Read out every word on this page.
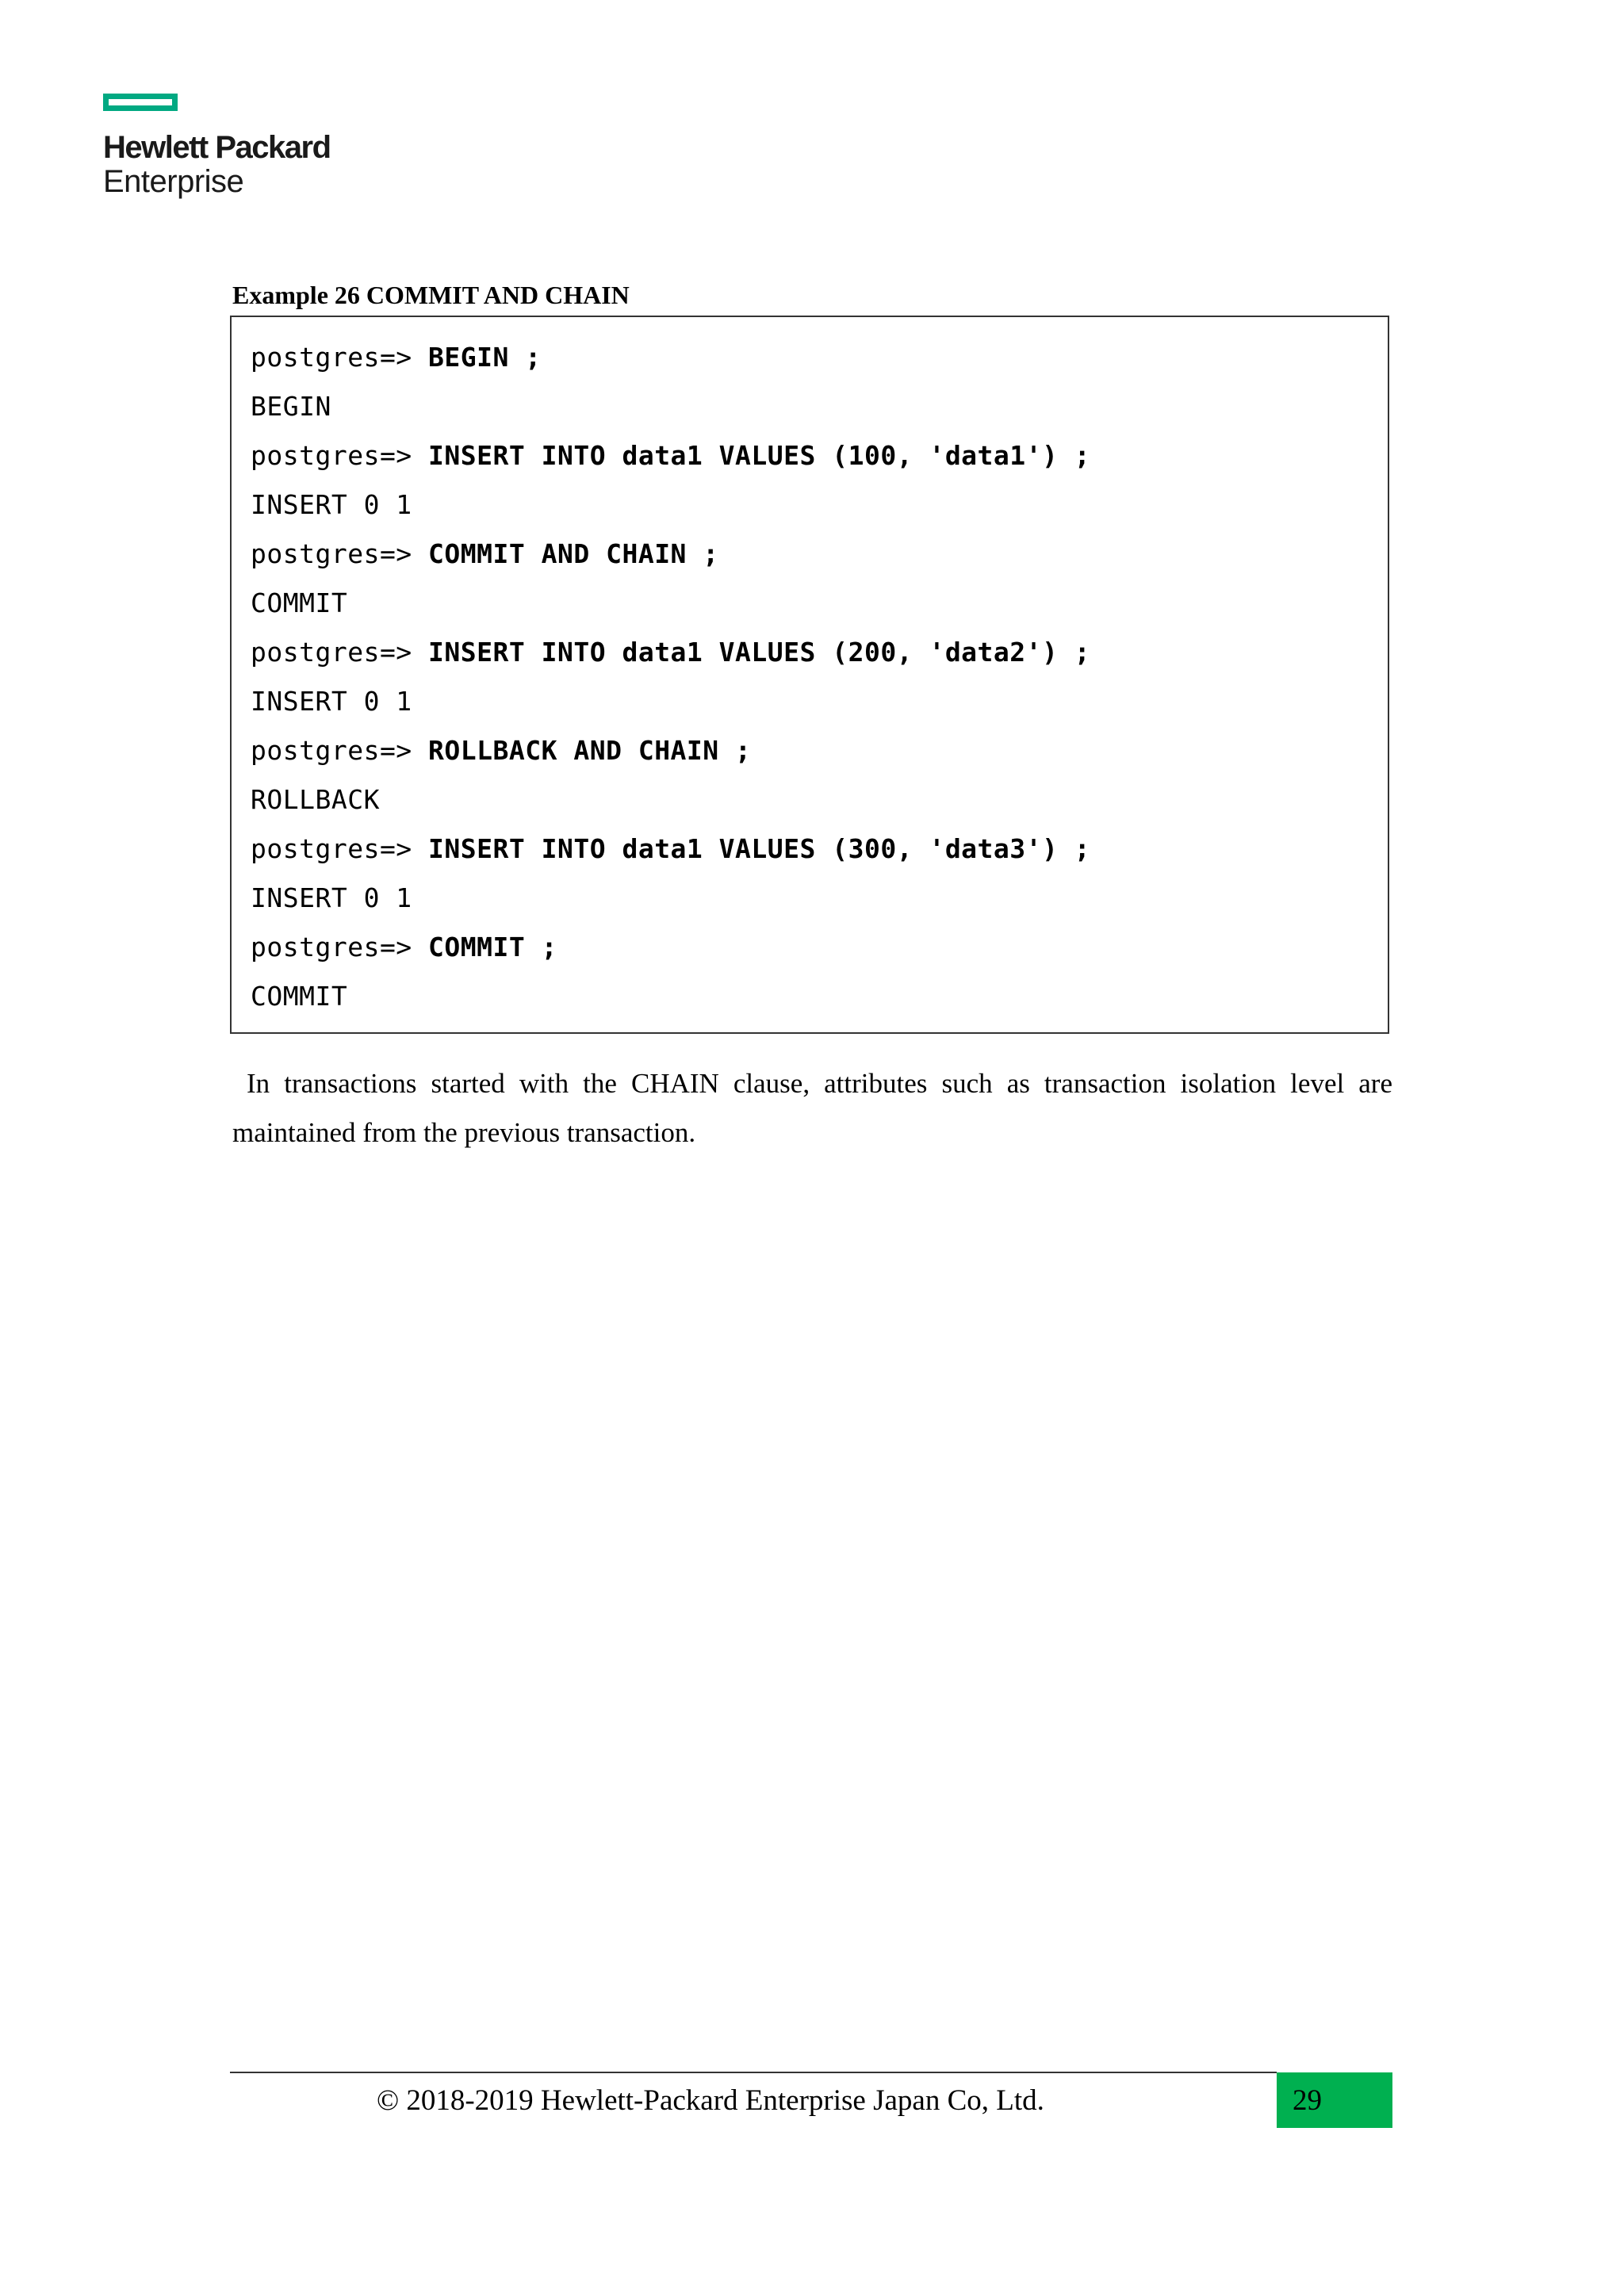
Hewlett Packard
Enterprise
Example 26 COMMIT AND CHAIN
postgres=> BEGIN ;
BEGIN
postgres=> INSERT INTO data1 VALUES (100, 'data1') ;
INSERT 0 1
postgres=> COMMIT AND CHAIN ;
COMMIT
postgres=> INSERT INTO data1 VALUES (200, 'data2') ;
INSERT 0 1
postgres=> ROLLBACK AND CHAIN ;
ROLLBACK
postgres=> INSERT INTO data1 VALUES (300, 'data3') ;
INSERT 0 1
postgres=> COMMIT ;
COMMIT
In transactions started with the CHAIN clause, attributes such as transaction isolation level are maintained from the previous transaction.
© 2018-2019 Hewlett-Packard Enterprise Japan Co, Ltd.	29
